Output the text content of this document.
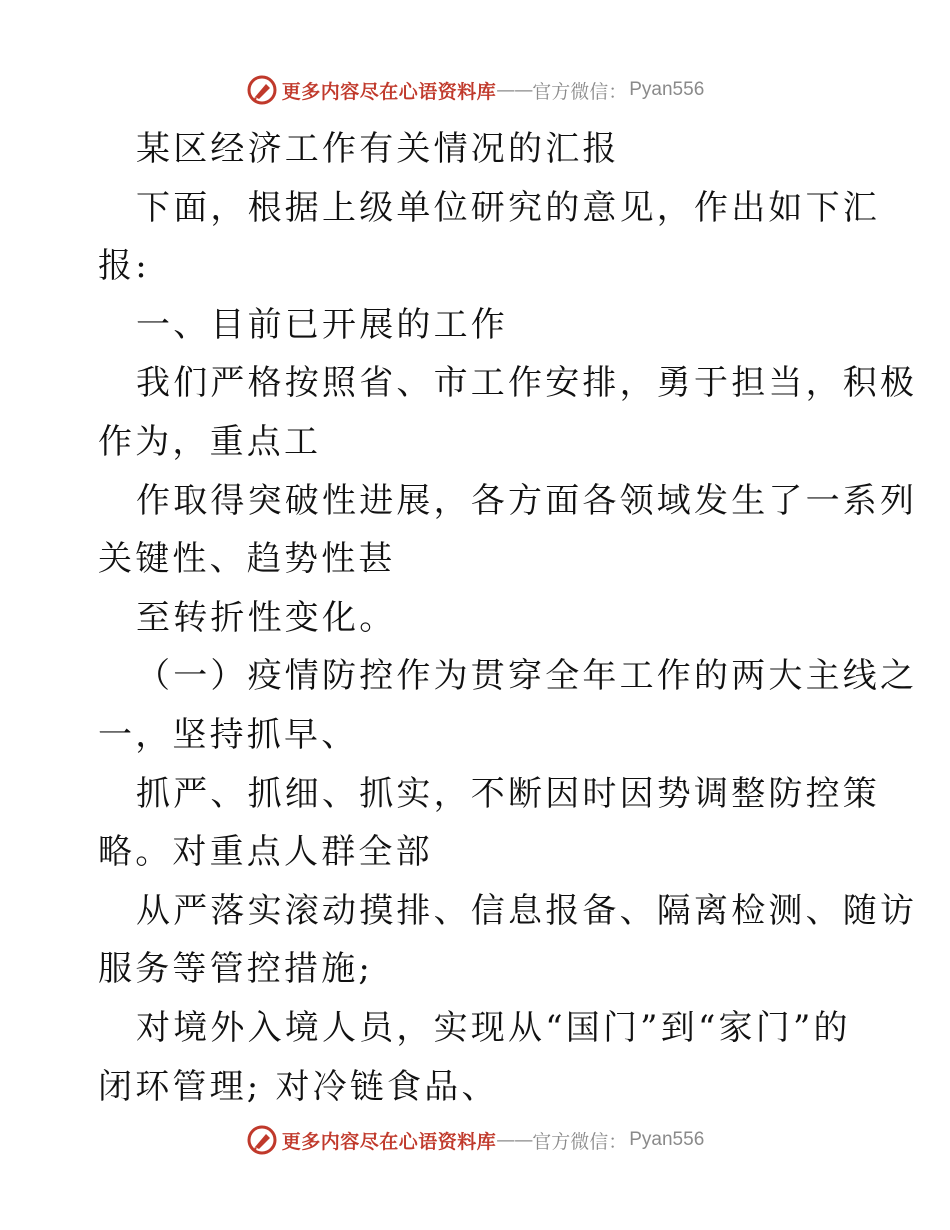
更多内容尽在心语资料库 —— 官方微信： Pyan556
某区经济工作有关情况的汇报
下面，根据上级单位研究的意见，作出如下汇
报:
一、目前已开展的工作
我们严格按照省、市工作安排，勇于担当，积极
作为，重点工
作取得突破性进展，各方面各领域发生了一系列
关键性、趋势性甚
至转折性变化。
（一）疫情防控作为贯穿全年工作的两大主线之
一，坚持抓早、
抓严、抓细、抓实，不断因时因势调整防控策
略。对重点人群全部
从严落实滚动摸排、信息报备、隔离检测、随访
服务等管控措施;
对境外入境人员，实现从“国门”到“家门”的
闭环管理; 对冷链食品、
更多内容尽在心语资料库 —— 官方微信： Pyan556
